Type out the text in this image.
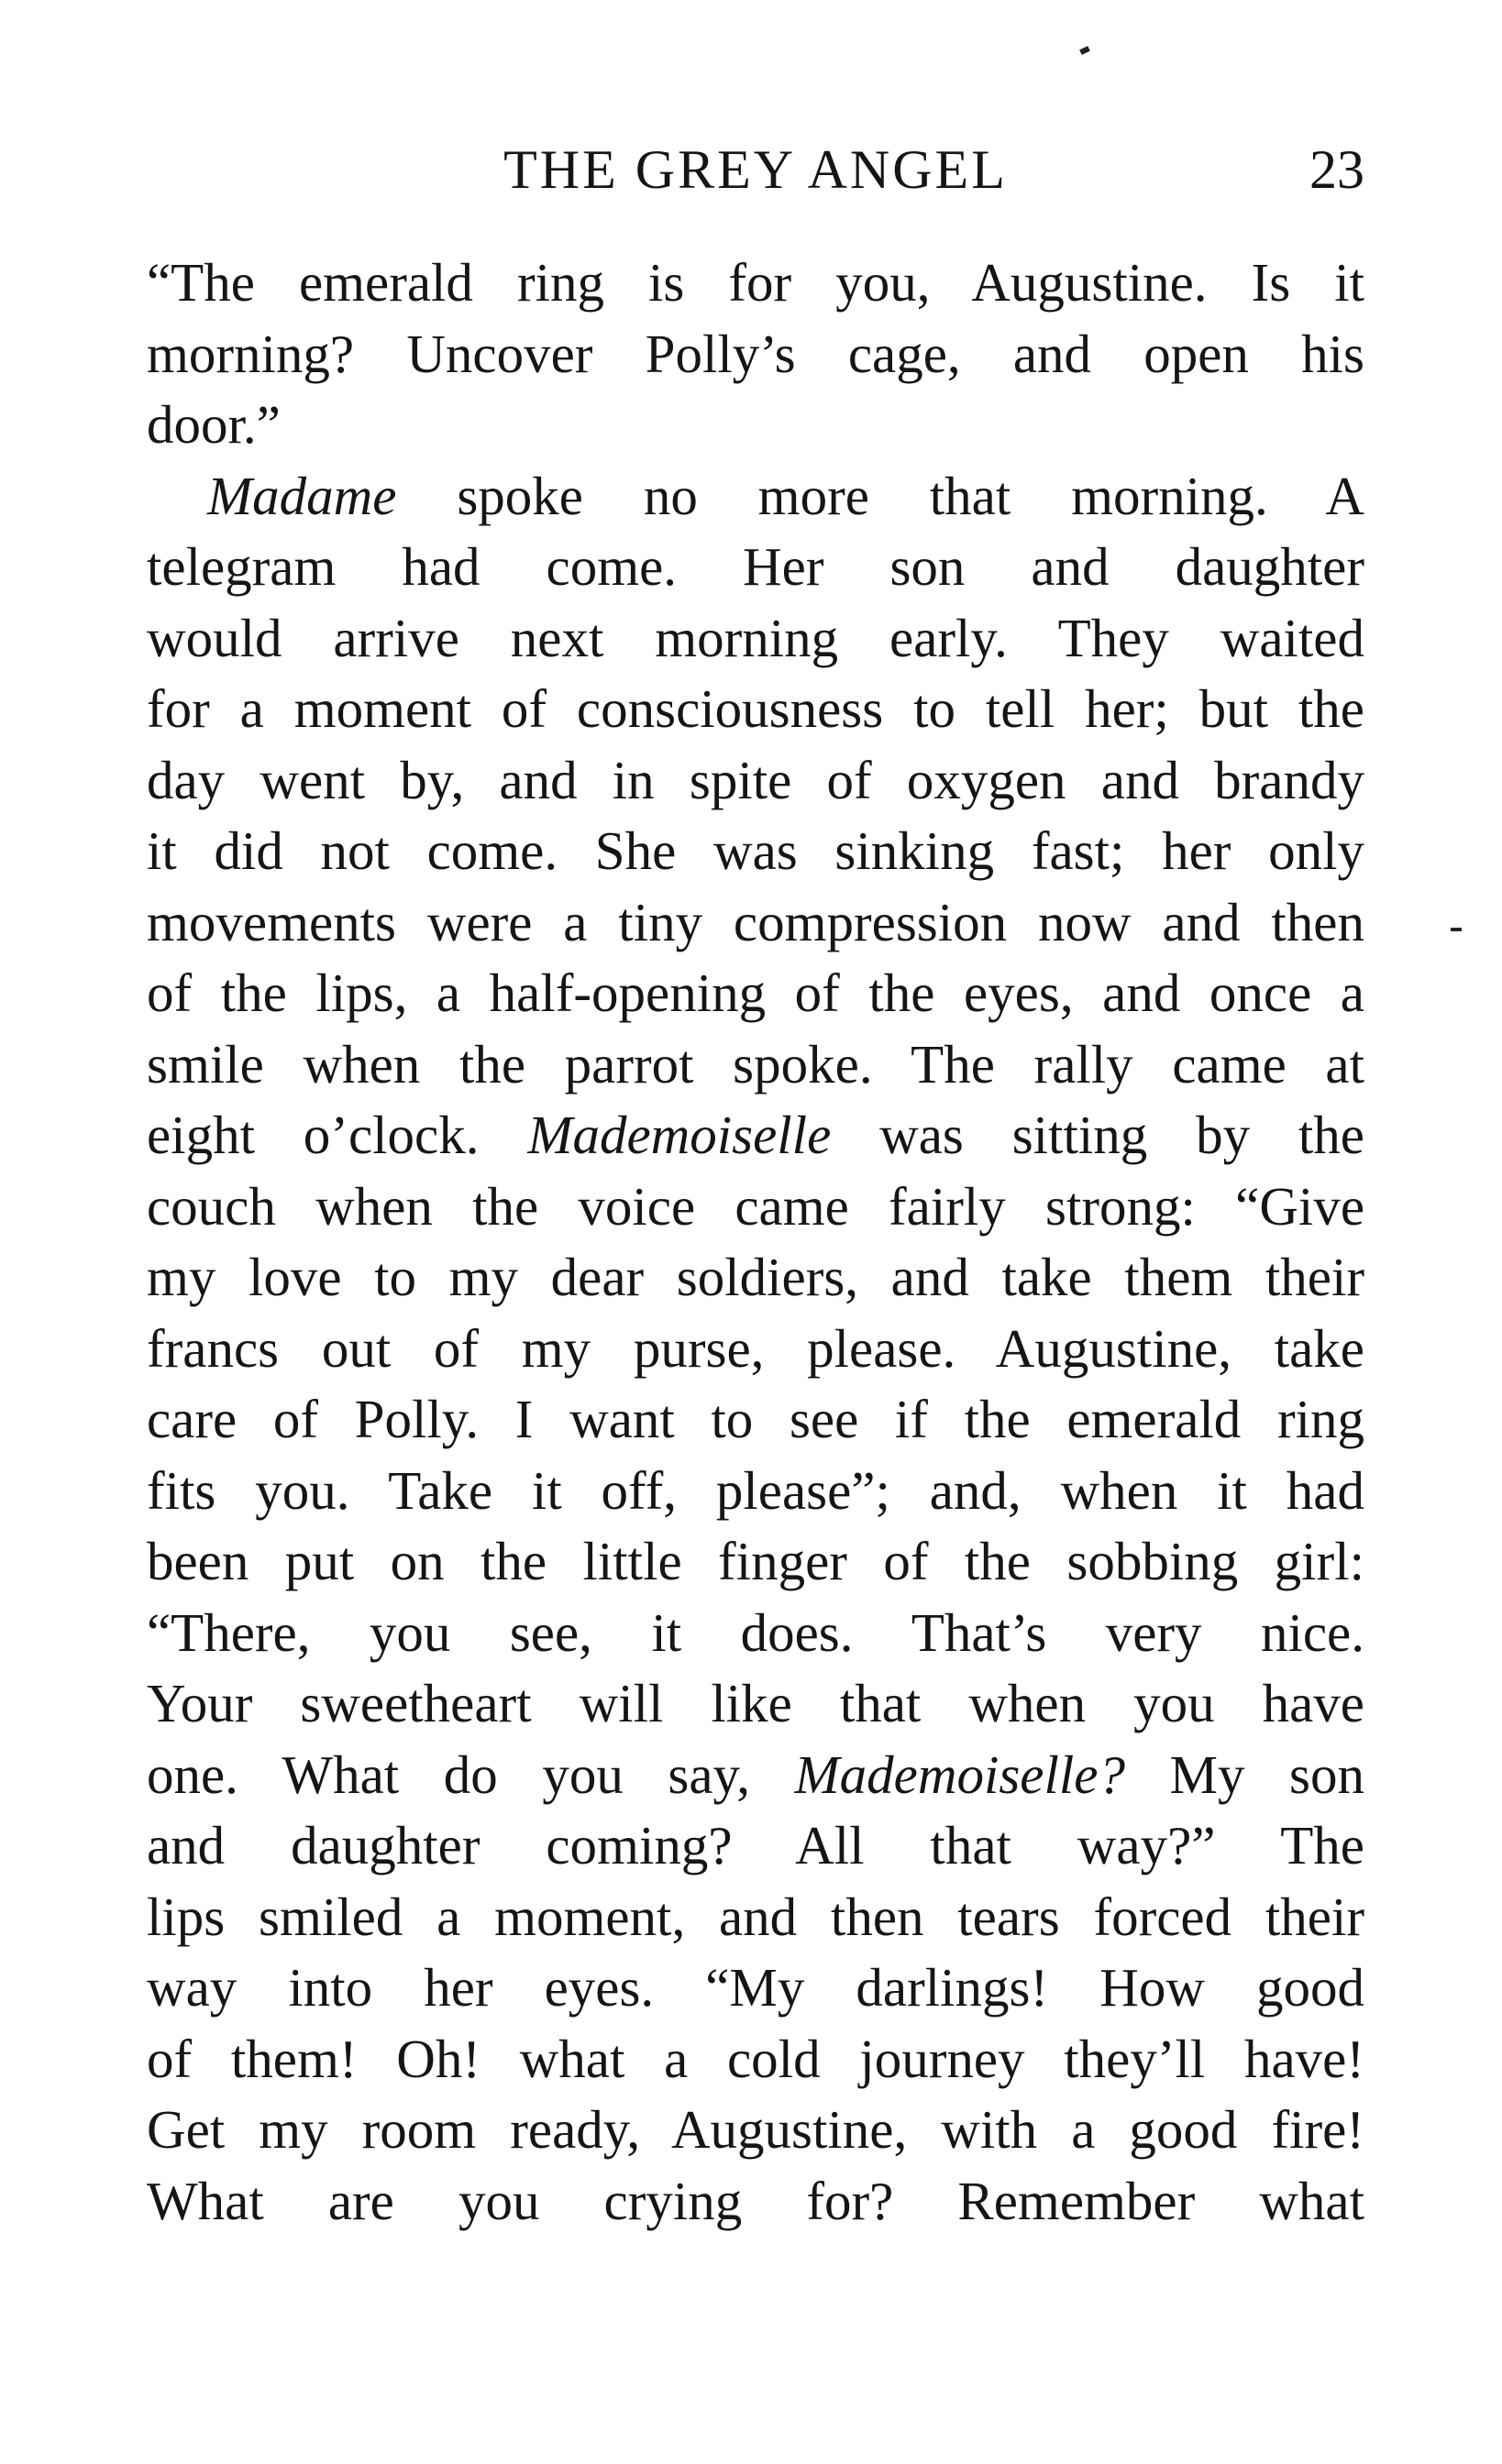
THE GREY ANGEL	23
“The emerald ring is for you, Augustine. Is it
morning? Uncover Polly’s cage, and open his
door.”
Madame spoke no more that morning. A
telegram had come. Her son and daughter
would arrive next morning early. They waited
for a moment of consciousness to tell her; but the
day went by, and in spite of oxygen and brandy
it did not come. She was sinking fast; her only
movements were a tiny compression now and then
of the lips, a half-opening of the eyes, and once a
smile when the parrot spoke. The rally came at
eight o’clock. Mademoiselle was sitting by the
couch when the voice came fairly strong: “Give
my love to my dear soldiers, and take them their
francs out of my purse, please. Augustine, take
care of Polly. I want to see if the emerald ring
fits you. Take it off, please”; and, when it had
been put on the little finger of the sobbing girl:
“There, you see, it does. That’s very nice.
Your sweetheart will like that when you have
one. What do you say, Mademoiselle? My son
and daughter coming? All that way?” The
lips smiled a moment, and then tears forced their
way into her eyes. “My darlings! How good
of them! Oh! what a cold journey they’ll have!
Get my room ready, Augustine, with a good fire!
What are you crying for? Remember what
